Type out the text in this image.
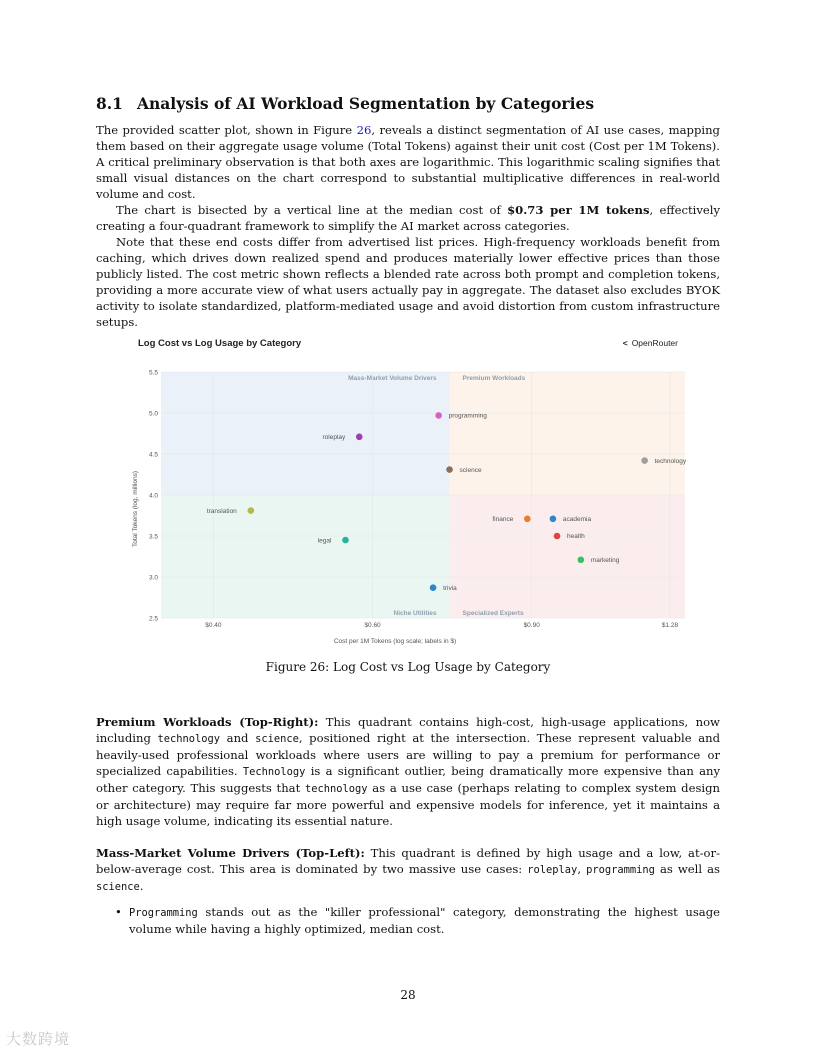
8.1 Analysis of AI Workload Segmentation by Categories

The provided scatter plot, shown in Figure 26, reveals a distinct segmentation of AI use cases, mapping them based on their aggregate usage volume (Total Tokens) against their unit cost (Cost per 1M Tokens). A critical preliminary observation is that both axes are logarithmic. This logarithmic scaling signifies that small visual distances on the chart correspond to substantial multiplicative differences in real-world volume and cost.

The chart is bisected by a vertical line at the median cost of $0.73 per 1M tokens, effectively creating a four-quadrant framework to simplify the AI market across categories.

Note that these end costs differ from advertised list prices. High-frequency workloads benefit from caching, which drives down realized spend and produces materially lower effective prices than those publicly listed. The cost metric shown reflects a blended rate across both prompt and completion tokens, providing a more accurate view of what users actually pay in aggregate. The dataset also excludes BYOK activity to isolate standardized, platform-mediated usage and avoid distortion from custom infrastructure setups.

Log Cost vs Log Usage by Category	< OpenRouter
Mass-Market Volume Drivers	Premium Workloads
Niche Utilities	Specialized Experts
2.5
3.0
3.5
4.0
4.5
5.0
5.5
$0.40	$0.60	$0.90	$1.28
programming
roleplay
science
technology
translation
legal
finance	academia
health
marketing
trivia
Cost per 1M Tokens (log scale; labels in $)
Total Tokens (log, millions)

Figure 26: Log Cost vs Log Usage by Category

Premium Workloads (Top-Right): This quadrant contains high-cost, high-usage applications, now including technology and science, positioned right at the intersection. These represent valuable and heavily-used professional workloads where users are willing to pay a premium for performance or specialized capabilities. Technology is a significant outlier, being dramatically more expensive than any other category. This suggests that technology as a use case (perhaps relating to complex system design or architecture) may require far more powerful and expensive models for inference, yet it maintains a high usage volume, indicating its essential nature.

Mass-Market Volume Drivers (Top-Left): This quadrant is defined by high usage and a low, at-or-below-average cost. This area is dominated by two massive use cases: roleplay, programming as well as science.

• Programming stands out as the "killer professional" category, demonstrating the highest usage volume while having a highly optimized, median cost.
28
大数跨境
